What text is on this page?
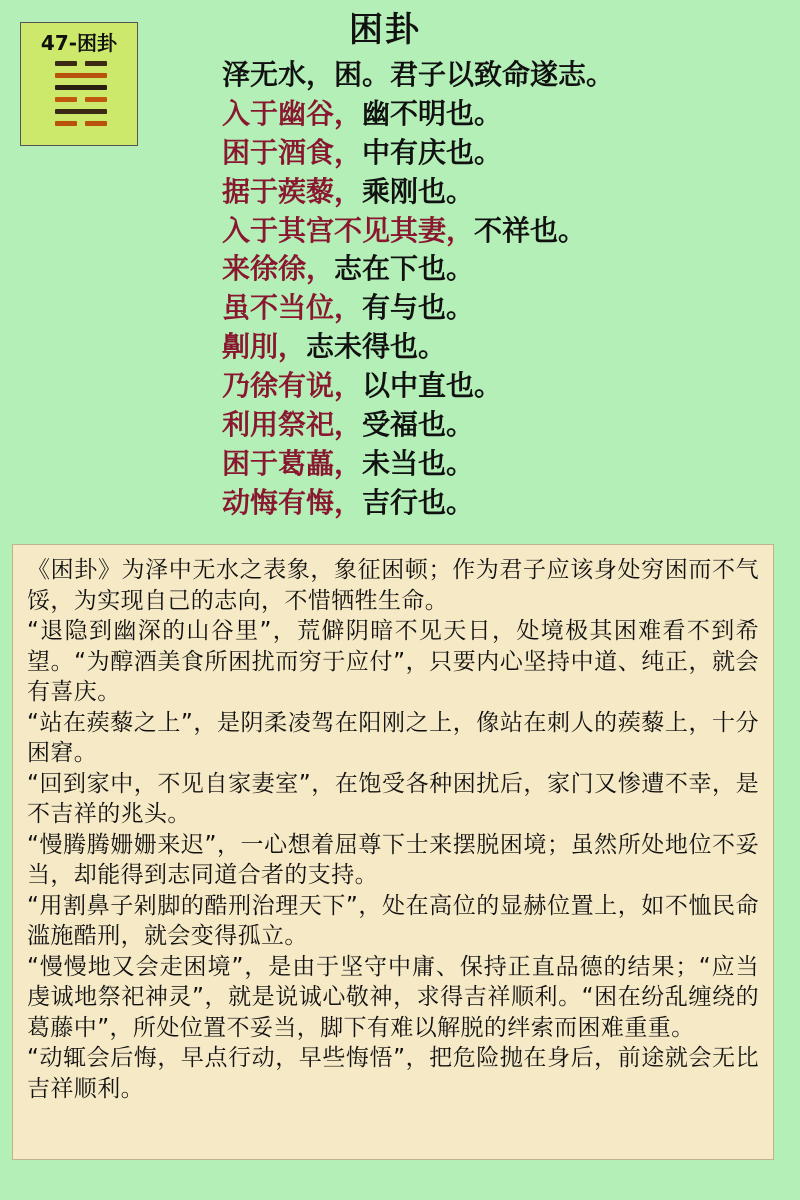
47-困卦	困卦
泽无水，困。君子以致命遂志。
入于幽谷，幽不明也。
困于酒食，中有庆也。
据于蒺藜，乘刚也。
入于其宫不见其妻，不祥也。
来徐徐，志在下也。
虽不当位，有与也。
劓刖，志未得也。
乃徐有说，以中直也。
利用祭祀，受福也。
困于葛藟，未当也。
动悔有悔，吉行也。
《困卦》为泽中无水之表象，象征困顿；作为君子应该身处穷困而不气馁，为实现自己的志向，不惜牺牲生命。
“退隐到幽深的山谷里”，荒僻阴暗不见天日，处境极其困难看不到希望。“为醇酒美食所困扰而穷于应付”，只要内心坚持中道、纯正，就会有喜庆。
“站在蒺藜之上”，是阴柔凌驾在阳刚之上，像站在刺人的蒺藜上，十分困窘。
“回到家中，不见自家妻室”，在饱受各种困扰后，家门又惨遭不幸，是不吉祥的兆头。
“慢腾腾姗姗来迟”，一心想着屈尊下士来摆脱困境；虽然所处地位不妥当，却能得到志同道合者的支持。
“用割鼻子剁脚的酷刑治理天下”，处在高位的显赫位置上，如不恤民命滥施酷刑，就会变得孤立。
“慢慢地又会走困境”，是由于坚守中庸、保持正直品德的结果；“应当虔诚地祭祀神灵”，就是说诚心敬神，求得吉祥顺利。“困在纷乱缠绕的葛藤中”，所处位置不妥当，脚下有难以解脱的绊索而困难重重。
“动辄会后悔，早点行动，早些悔悟”，把危险抛在身后，前途就会无比吉祥顺利。
